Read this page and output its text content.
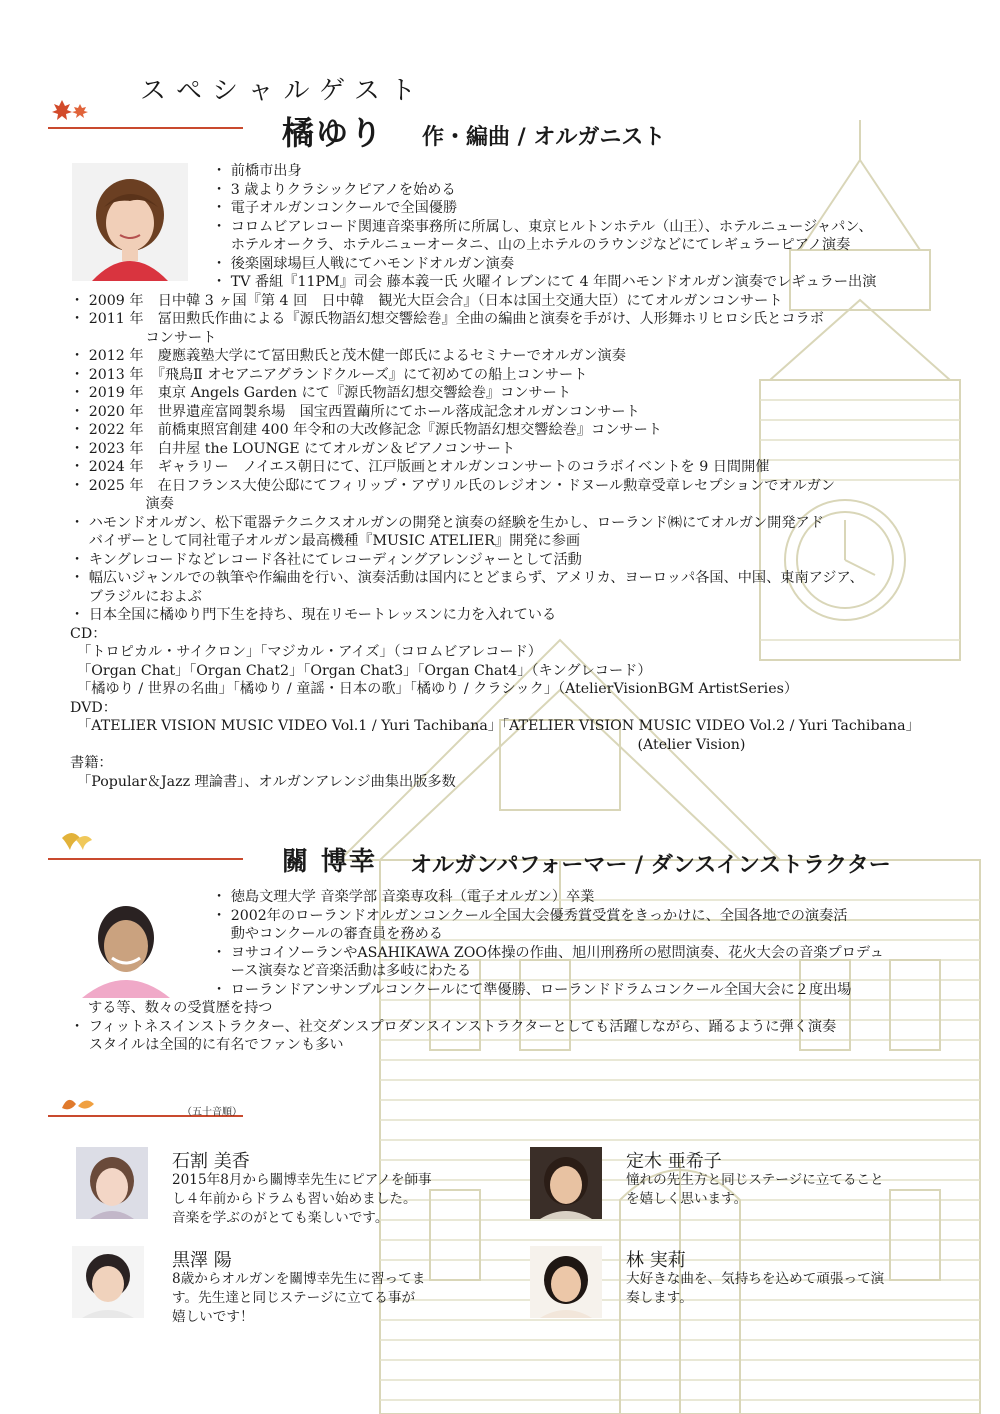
スペシャルゲスト
橘ゆり 作・編曲 / オルガニスト
・ 前橋市出身
・ 3 歳よりクラシックピアノを始める
・ 電子オルガンコンクールで全国優勝
・ コロムビアレコード関連音楽事務所に所属し、東京ヒルトンホテル（山王）、ホテルニュージャパン、
　 ホテルオークラ、ホテルニューオータニ、山の上ホテルのラウンジなどにてレギュラーピアノ演奏
・ 後楽園球場巨人戦にてハモンドオルガン演奏
・ TV 番組『11PM』司会 藤本義一氏 火曜イレブンにて 4 年間ハモンドオルガン演奏でレギュラー出演
・ 2009 年　日中韓 3 ヶ国『第 4 回　日中韓　観光大臣会合』（日本は国土交通大臣）にてオルガンコンサート
・ 2011 年　冨田勲氏作曲による『源氏物語幻想交響絵巻』全曲の編曲と演奏を手がけ、人形舞ホリヒロシ氏とコラボ
　　　　　 コンサート
・ 2012 年　慶應義塾大学にて冨田勲氏と茂木健一郎氏によるセミナーでオルガン演奏
・ 2013 年　『飛鳥Ⅱ オセアニアグランドクルーズ』にて初めての船上コンサート
・ 2019 年　東京 Angels Garden にて『源氏物語幻想交響絵巻』コンサート
・ 2020 年　世界遺産富岡製糸場　国宝西置繭所にてホール落成記念オルガンコンサート
・ 2022 年　前橋東照宮創建 400 年令和の大改修記念『源氏物語幻想交響絵巻』コンサート
・ 2023 年　白井屋 the LOUNGE にてオルガン＆ピアノコンサート
・ 2024 年　ギャラリー　ノイエス朝日にて、江戸版画とオルガンコンサートのコラボイベントを 9 日間開催
・ 2025 年　在日フランス大使公邸にてフィリップ・アヴリル氏のレジオン・ドヌール勲章受章レセプションでオルガン
　　　　　 演奏
・ ハモンドオルガン、松下電器テクニクスオルガンの開発と演奏の経験を生かし、ローランド㈱にてオルガン開発アド
　 バイザーとして同社電子オルガン最高機種『MUSIC ATELIER』開発に参画
・ キングレコードなどレコード各社にてレコーディングアレンジャーとして活動
・ 幅広いジャンルでの執筆や作編曲を行い、演奏活動は国内にとどまらず、アメリカ、ヨーロッパ各国、中国、東南アジア、
　 ブラジルにおよぶ
・ 日本全国に橘ゆり門下生を持ち、現在リモートレッスンに力を入れている
CD：
　「トロピカル・サイクロン」「マジカル・アイズ」（コロムビアレコード）
　「Organ Chat」「Organ Chat2」「Organ Chat3」「Organ Chat4」（キングレコード）
　「橘ゆり / 世界の名曲」「橘ゆり / 童謡・日本の歌」「橘ゆり / クラシック」（AtelierVisionBGM ArtistSeries）
DVD：
　「ATELIER VISION MUSIC VIDEO Vol.1 / Yuri Tachibana」「ATELIER VISION MUSIC VIDEO Vol.2 / Yuri Tachibana」
　　　　　　　　　　　　　　　　　　　　　　　　　　　　　　　　　　　　　　　　(Atelier Vision)
書籍：
　「Popular＆Jazz 理論書」、オルガンアレンジ曲集出版多数
關 博幸 オルガンパフォーマー / ダンスインストラクター
・ 徳島文理大学 音楽学部 音楽専攻科（電子オルガン）卒業
・ 2002年のローランドオルガンコンクール全国大会優秀賞受賞をきっかけに、全国各地での演奏活
　 動やコンクールの審査員を務める
・ ヨサコイソーランやASAHIKAWA ZOO体操の作曲、旭川刑務所の慰問演奏、花火大会の音楽プロデュ
　 ース演奏など音楽活動は多岐にわたる
・ ローランドアンサンブルコンクールにて準優勝、ローランドドラムコンクール全国大会に２度出場
する等、数々の受賞歴を持つ
・ フィットネスインストラクター、社交ダンスプロダンスインストラクターとしても活躍しながら、踊るように弾く演奏
　 スタイルは全国的に有名でファンも多い
（五十音順）
石割 美香
2015年8月から關博幸先生にピアノを師事
し４年前からドラムも習い始めました。
音楽を学ぶのがとても楽しいです。
定木 亜希子
憧れの先生方と同じステージに立てること
を嬉しく思います。
黒澤 陽
8歳からオルガンを關博幸先生に習ってま
す。先生達と同じステージに立てる事が
嬉しいです！
林 実莉
大好きな曲を、気持ちを込めて頑張って演
奏します。
